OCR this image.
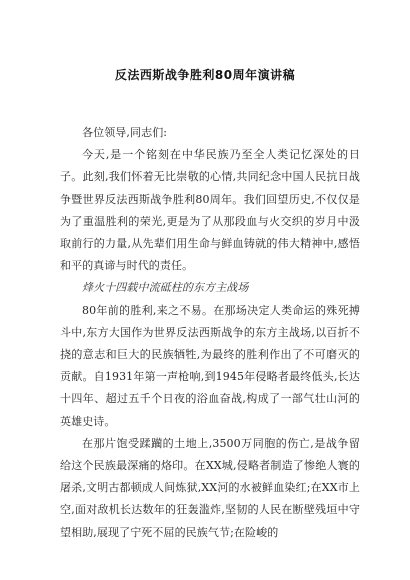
反法西斯战争胜利80周年演讲稿

各位领导,同志们:

今天,是一个铭刻在中华民族乃至全人类记忆深处的日子。此刻,我们怀着无比崇敬的心情,共同纪念中国人民抗日战争暨世界反法西斯战争胜利80周年。我们回望历史,不仅仅是为了重温胜利的荣光,更是为了从那段血与火交织的岁月中汲取前行的力量,从先辈们用生命与鲜血铸就的伟大精神中,感悟和平的真谛与时代的责任。

烽火十四载中流砥柱的东方主战场

80年前的胜利,来之不易。在那场决定人类命运的殊死搏斗中,东方大国作为世界反法西斯战争的东方主战场,以百折不挠的意志和巨大的民族牺牲,为最终的胜利作出了不可磨灭的贡献。自1931年第一声枪响,到1945年侵略者最终低头,长达十四年、超过五千个日夜的浴血奋战,构成了一部气壮山河的英雄史诗。

在那片饱受蹂躏的土地上,3500万同胞的伤亡,是战争留给这个民族最深痛的烙印。在XX城,侵略者制造了惨绝人寰的屠杀,文明古都顿成人间炼狱,XX河的水被鲜血染红;在XX市上空,面对敌机长达数年的狂轰滥炸,坚韧的人民在断壁残垣中守望相助,展现了宁死不屈的民族气节;在险峻的
